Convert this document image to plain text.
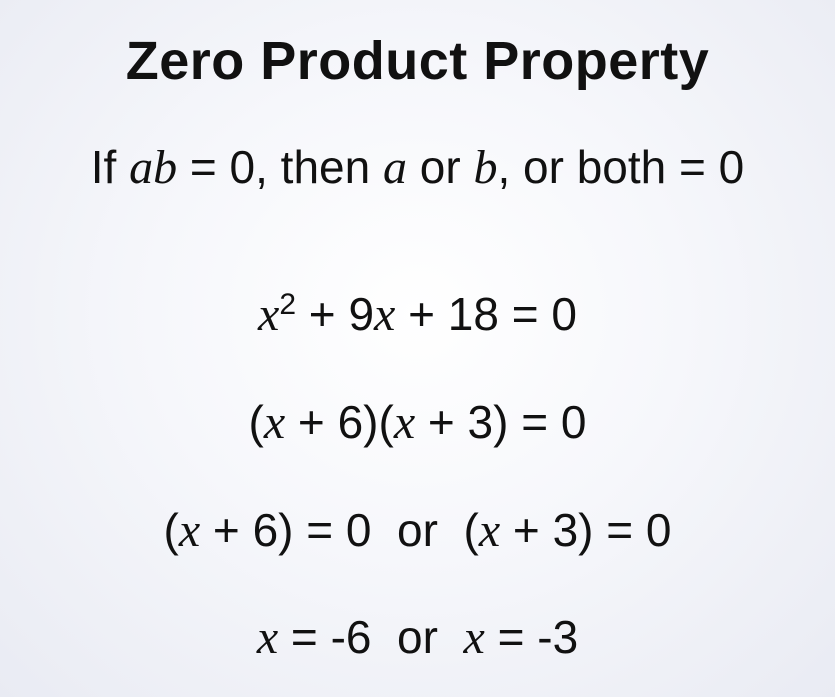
Zero Product Property
If ab = 0, then a or b, or both = 0
$x^2 + 9x + 18 = 0$
(x + 6)(x + 3) = 0
(x + 6) = 0  or  (x + 3) = 0
x = -6  or  x = -3
